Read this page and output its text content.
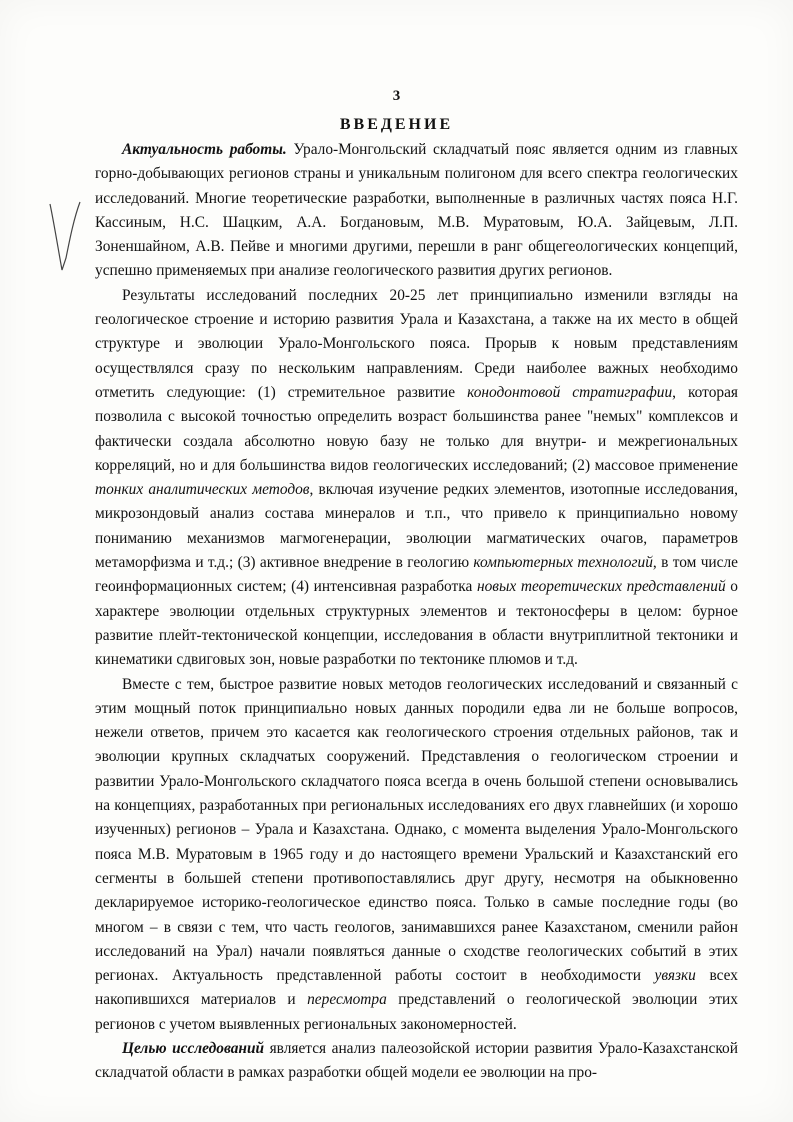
3
ВВЕДЕНИЕ

Актуальность работы. Урало-Монгольский складчатый пояс является одним из главных горно-добывающих регионов страны и уникальным полигоном для всего спектра геологических исследований. Многие теоретические разработки, выполненные в различных частях пояса Н.Г. Кассиным, Н.С. Шацким, А.А. Богдановым, М.В. Муратовым, Ю.А. Зайцевым, Л.П. Зоненшайном, А.В. Пейве и многими другими, перешли в ранг общегеологических концепций, успешно применяемых при анализе геологического развития других регионов.

Результаты исследований последних 20-25 лет принципиально изменили взгляды на геологическое строение и историю развития Урала и Казахстана, а также на их место в общей структуре и эволюции Урало-Монгольского пояса. Прорыв к новым представлениям осуществлялся сразу по нескольким направлениям. Среди наиболее важных необходимо отметить следующие: (1) стремительное развитие конодонтовой стратиграфии, которая позволила с высокой точностью определить возраст большинства ранее "немых" комплексов и фактически создала абсолютно новую базу не только для внутри- и межрегиональных корреляций, но и для большинства видов геологических исследований; (2) массовое применение тонких аналитических методов, включая изучение редких элементов, изотопные исследования, микрозондовый анализ состава минералов и т.п., что привело к принципиально новому пониманию механизмов магмогенерации, эволюции магматических очагов, параметров метаморфизма и т.д.; (3) активное внедрение в геологию компьютерных технологий, в том числе геоинформационных систем; (4) интенсивная разработка новых теоретических представлений о характере эволюции отдельных структурных элементов и тектоносферы в целом: бурное развитие плейт-тектонической концепции, исследования в области внутриплитной тектоники и кинематики сдвиговых зон, новые разработки по тектонике плюмов и т.д.

Вместе с тем, быстрое развитие новых методов геологических исследований и связанный с этим мощный поток принципиально новых данных породили едва ли не больше вопросов, нежели ответов, причем это касается как геологического строения отдельных районов, так и эволюции крупных складчатых сооружений. Представления о геологическом строении и развитии Урало-Монгольского складчатого пояса всегда в очень большой степени основывались на концепциях, разработанных при региональных исследованиях его двух главнейших (и хорошо изученных) регионов – Урала и Казахстана. Однако, с момента выделения Урало-Монгольского пояса М.В. Муратовым в 1965 году и до настоящего времени Уральский и Казахстанский его сегменты в большей степени противопоставлялись друг другу, несмотря на обыкновенно декларируемое историко-геологическое единство пояса. Только в самые последние годы (во многом – в связи с тем, что часть геологов, занимавшихся ранее Казахстаном, сменили район исследований на Урал) начали появляться данные о сходстве геологических событий в этих регионах. Актуальность представленной работы состоит в необходимости увязки всех накопившихся материалов и пересмотра представлений о геологической эволюции этих регионов с учетом выявленных региональных закономерностей.

Целью исследований является анализ палеозойской истории развития Урало-Казахстанской складчатой области в рамках разработки общей модели ее эволюции на про-
